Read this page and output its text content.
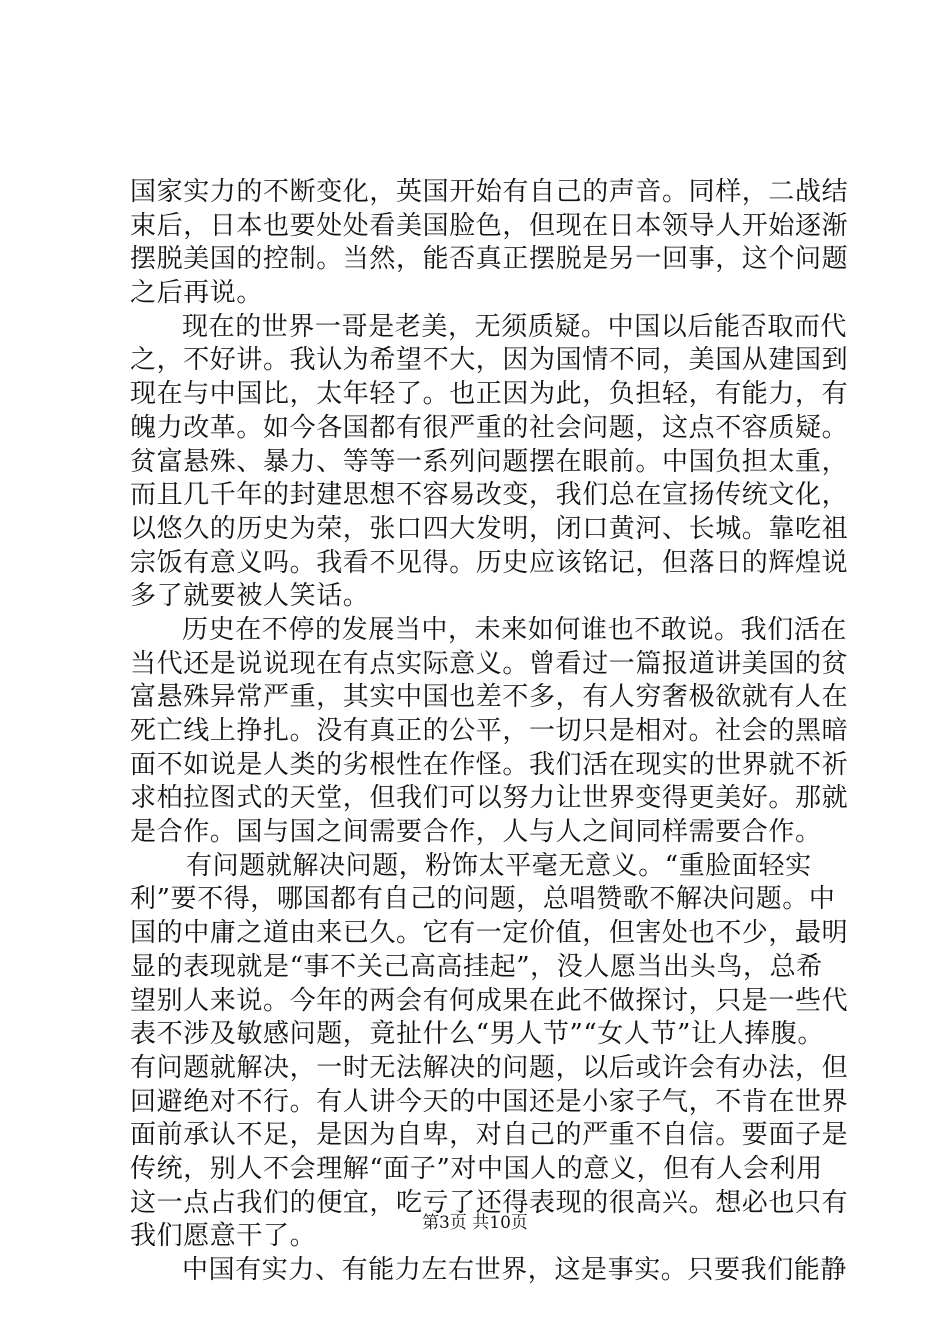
国家实力的不断变化，英国开始有自己的声音。同样，二战结
束后，日本也要处处看美国脸色，但现在日本领导人开始逐渐
摆脱美国的控制。当然，能否真正摆脱是另一回事，这个问题
之后再说。
现在的世界一哥是老美，无须质疑。中国以后能否取而代
之，不好讲。我认为希望不大，因为国情不同，美国从建国到
现在与中国比，太年轻了。也正因为此，负担轻，有能力，有
魄力改革。如今各国都有很严重的社会问题，这点不容质疑。
贫富悬殊、暴力、等等一系列问题摆在眼前。中国负担太重，
而且几千年的封建思想不容易改变，我们总在宣扬传统文化，
以悠久的历史为荣，张口四大发明，闭口黄河、长城。靠吃祖
宗饭有意义吗。我看不见得。历史应该铭记，但落日的辉煌说
多了就要被人笑话。
历史在不停的发展当中，未来如何谁也不敢说。我们活在
当代还是说说现在有点实际意义。曾看过一篇报道讲美国的贫
富悬殊异常严重，其实中国也差不多，有人穷奢极欲就有人在
死亡线上挣扎。没有真正的公平，一切只是相对。社会的黑暗
面不如说是人类的劣根性在作怪。我们活在现实的世界就不祈
求柏拉图式的天堂，但我们可以努力让世界变得更美好。那就
是合作。国与国之间需要合作，人与人之间同样需要合作。
有问题就解决问题，粉饰太平毫无意义。“重脸面轻实
利”要不得，哪国都有自己的问题，总唱赞歌不解决问题。中
国的中庸之道由来已久。它有一定价值，但害处也不少，最明
显的表现就是“事不关己高高挂起”，没人愿当出头鸟，总希
望别人来说。今年的两会有何成果在此不做探讨，只是一些代
表不涉及敏感问题，竟扯什么“男人节”“女人节”让人捧腹。
有问题就解决，一时无法解决的问题，以后或许会有办法，但
回避绝对不行。有人讲今天的中国还是小家子气，不肯在世界
面前承认不足，是因为自卑，对自己的严重不自信。要面子是
传统，别人不会理解“面子”对中国人的意义，但有人会利用
这一点占我们的便宜，吃亏了还得表现的很高兴。想必也只有
我们愿意干了。
中国有实力、有能力左右世界，这是事实。只要我们能静
第3页 共10页
